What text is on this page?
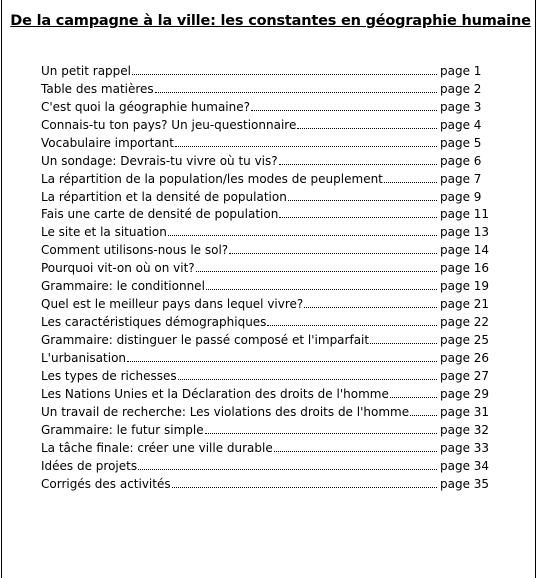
De la campagne à la ville: les constantes en géographie humaine
Un petit rappel	page 1
Table des matières	page 2
C'est quoi la géographie humaine?	page 3
Connais-tu ton pays? Un jeu-questionnaire	page 4
Vocabulaire important	page 5
Un sondage: Devrais-tu vivre où tu vis?	page 6
La répartition de la population/les modes de peuplement	page 7
La répartition et la densité de population	page 9
Fais une carte de densité de population	page 11
Le site et la situation	page 13
Comment utilisons-nous le sol?	page 14
Pourquoi vit-on où on vit?	page 16
Grammaire: le conditionnel	page 19
Quel est le meilleur pays dans lequel vivre?	page 21
Les caractéristiques démographiques	page 22
Grammaire: distinguer le passé composé et l'imparfait	page 25
L'urbanisation	page 26
Les types de richesses	page 27
Les Nations Unies et la Déclaration des droits de l'homme	page 29
Un travail de recherche: Les violations des droits de l'homme	page 31
Grammaire: le futur simple	page 32
La tâche finale: créer une ville durable	page 33
Idées de projets	page 34
Corrigés des activités	page 35
